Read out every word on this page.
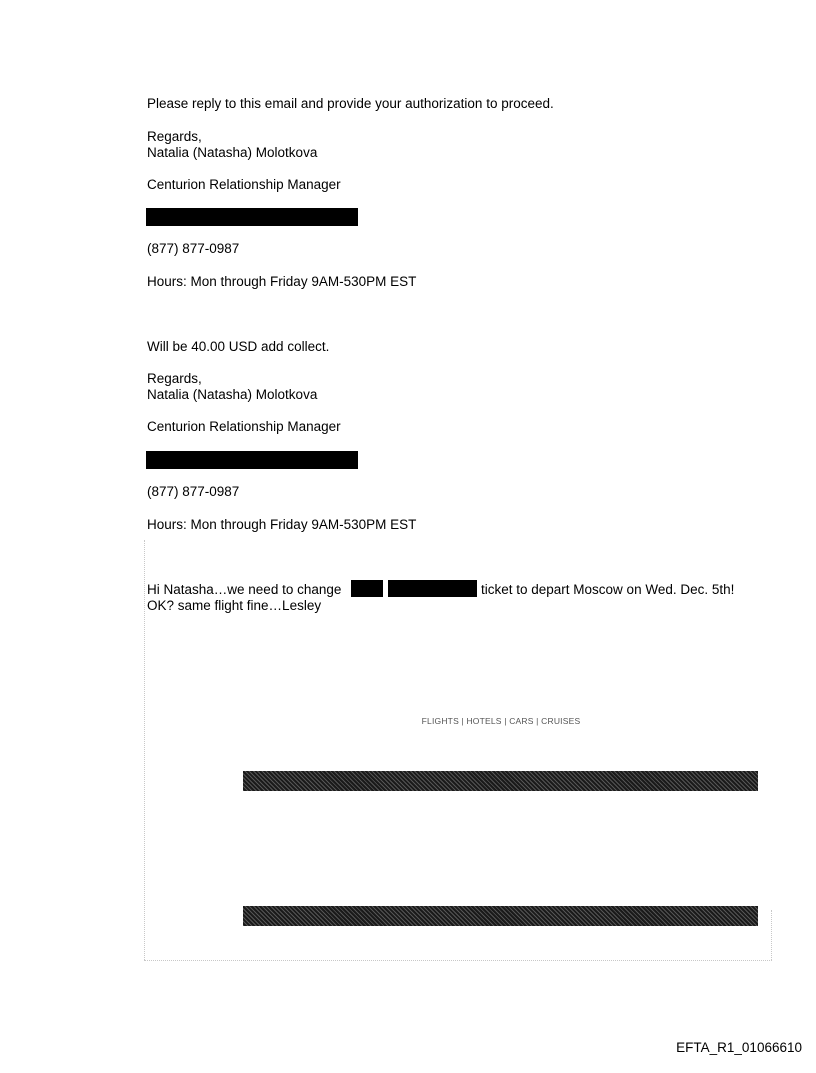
Please reply to this email and provide your authorization to proceed.

Regards,

Natalia (Natasha) Molotkova

Centurion Relationship Manager

(877) 877-0987

Hours: Mon through Friday 9AM-530PM EST

Will be 40.00 USD add collect.

Regards,

Natalia (Natasha) Molotkova

Centurion Relationship Manager

(877) 877-0987

Hours: Mon through Friday 9AM-530PM EST

Hi Natasha…we need to change	ticket to depart Moscow on Wed. Dec. 5th!

OK? same flight fine…Lesley

FLIGHTS | HOTELS | CARS | CRUISES
EFTA_R1_01066610
